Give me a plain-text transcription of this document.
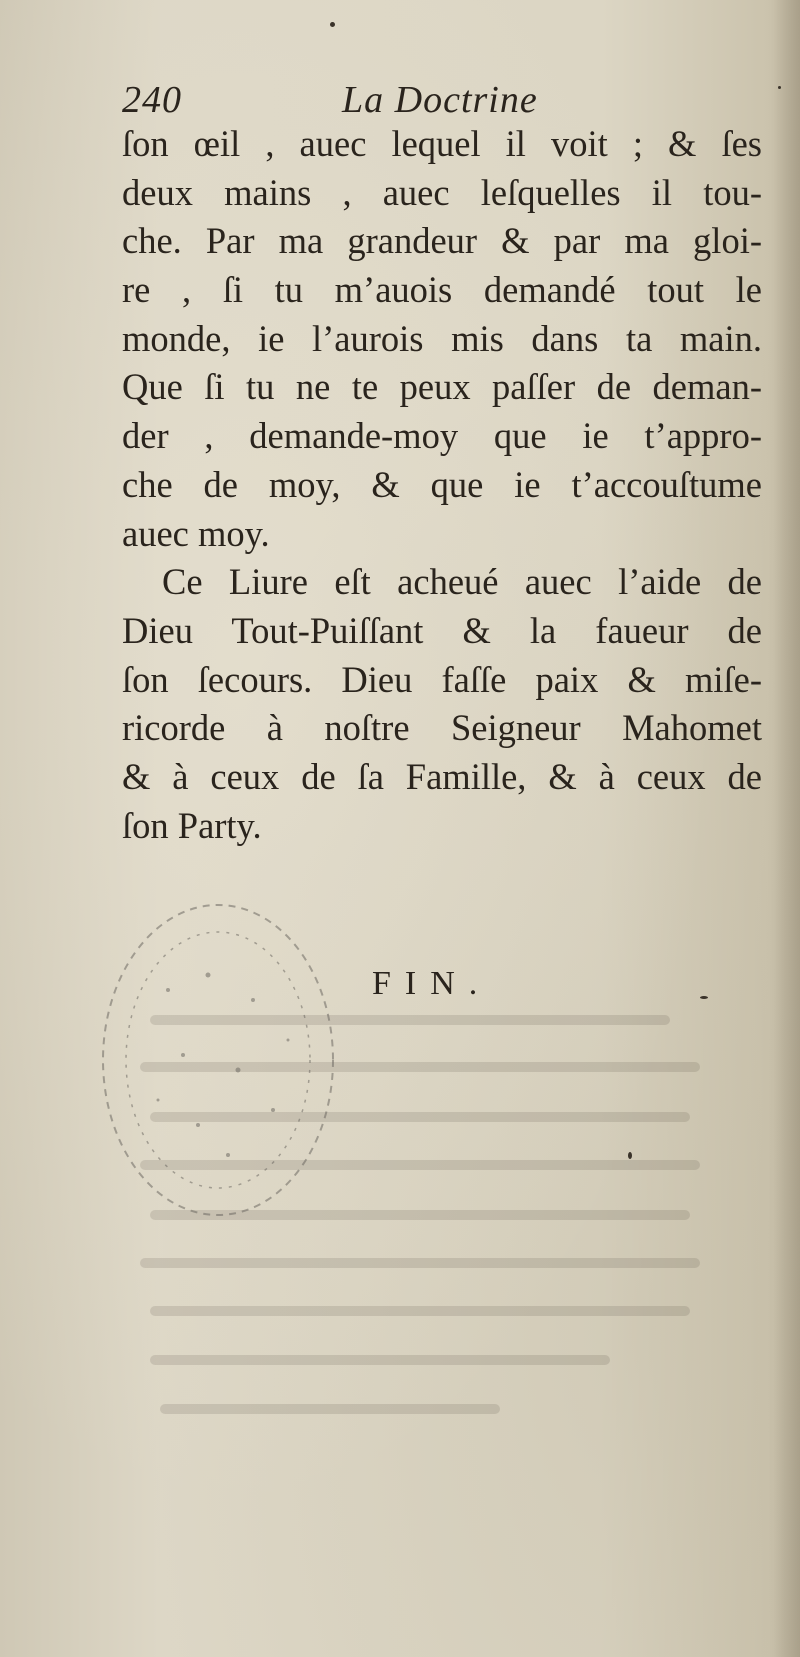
240	La Doctrine
ſon œil , auec lequel il voit ; & ſes
deux mains , auec leſquelles il tou-
che. Par ma grandeur & par ma gloi-
re , ſi tu m’auois demandé tout le
monde, ie l’aurois mis dans ta main.
Que ſi tu ne te peux paſſer de deman-
der , demande-moy que ie t’appro-
che de moy, & que ie t’accouſtume
auec moy.
Ce Liure eſt acheué auec l’aide de
Dieu Tout-Puiſſant & la faueur de
ſon ſecours. Dieu faſſe paix & miſe-
ricorde à noſtre Seigneur Mahomet
& à ceux de ſa Famille, & à ceux de
ſon Party.
FIN.
